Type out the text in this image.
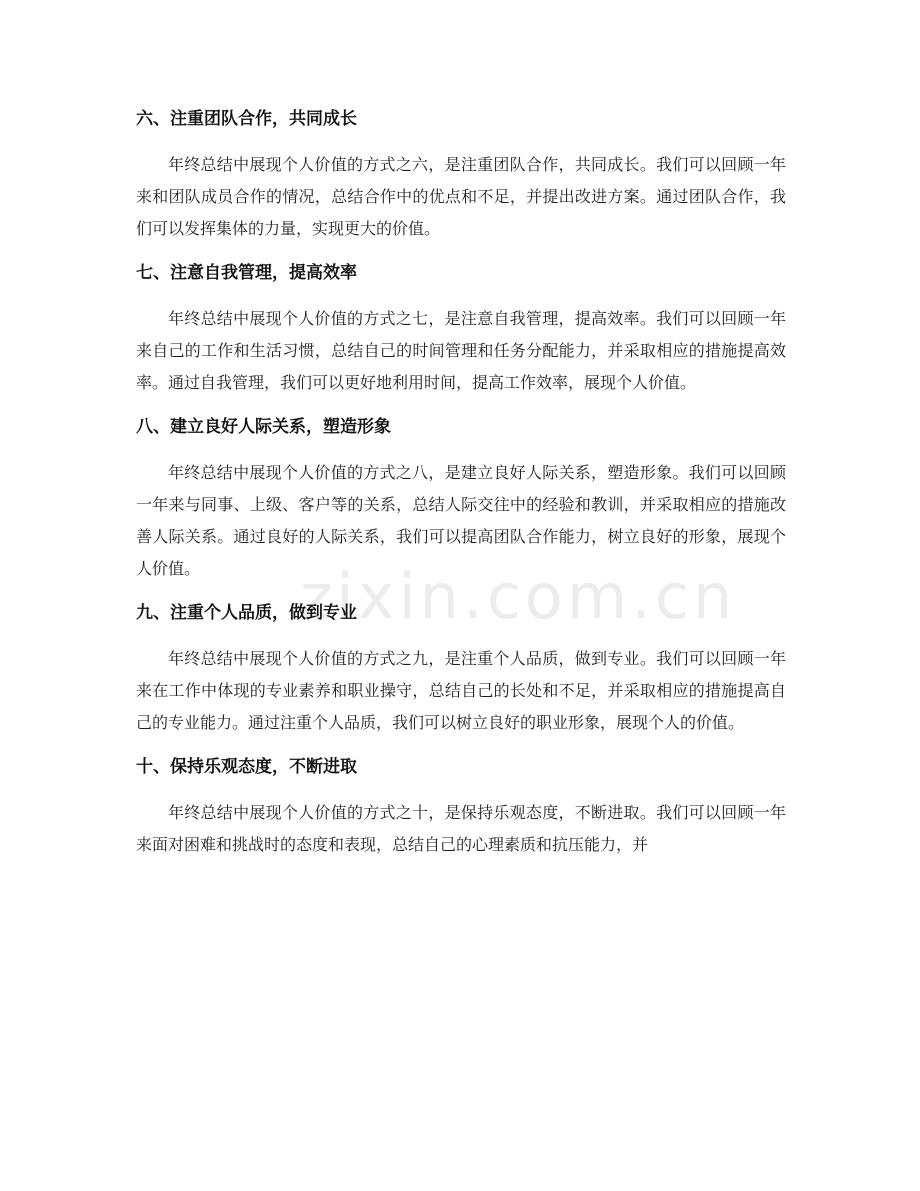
zixin.com.cn
六、注重团队合作，共同成长

年终总结中展现个人价值的方式之六，是注重团队合作，共同成长。我们可以回顾一年来和团队成员合作的情况，总结合作中的优点和不足，并提出改进方案。通过团队合作，我们可以发挥集体的力量，实现更大的价值。

七、注意自我管理，提高效率

年终总结中展现个人价值的方式之七，是注意自我管理，提高效率。我们可以回顾一年来自己的工作和生活习惯，总结自己的时间管理和任务分配能力，并采取相应的措施提高效率。通过自我管理，我们可以更好地利用时间，提高工作效率，展现个人价值。

八、建立良好人际关系，塑造形象

年终总结中展现个人价值的方式之八，是建立良好人际关系，塑造形象。我们可以回顾一年来与同事、上级、客户等的关系，总结人际交往中的经验和教训，并采取相应的措施改善人际关系。通过良好的人际关系，我们可以提高团队合作能力，树立良好的形象，展现个人价值。

九、注重个人品质，做到专业

年终总结中展现个人价值的方式之九，是注重个人品质，做到专业。我们可以回顾一年来在工作中体现的专业素养和职业操守，总结自己的长处和不足，并采取相应的措施提高自己的专业能力。通过注重个人品质，我们可以树立良好的职业形象，展现个人的价值。

十、保持乐观态度，不断进取

年终总结中展现个人价值的方式之十，是保持乐观态度，不断进取。我们可以回顾一年来面对困难和挑战时的态度和表现，总结自己的心理素质和抗压能力，并
